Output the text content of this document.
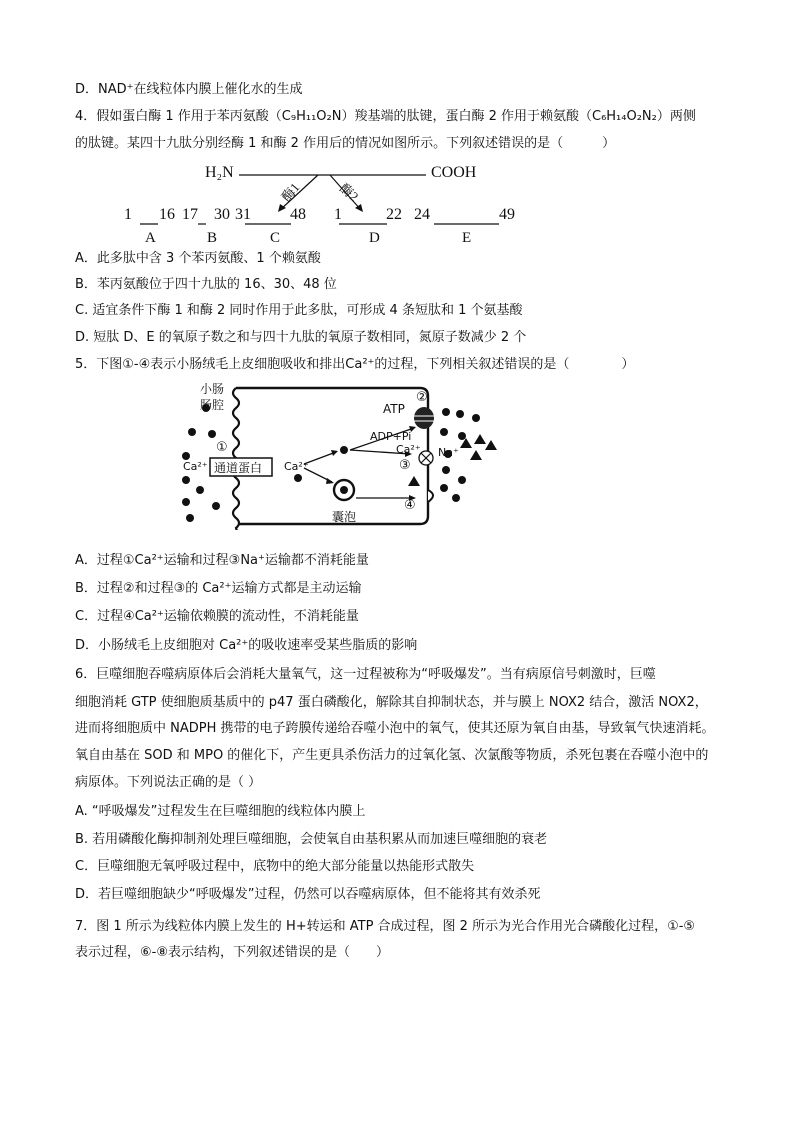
D．NAD⁺在线粒体内膜上催化水的生成
4．假如蛋白酶 1 作用于苯丙氨酸（C₉H₁₁O₂N）羧基端的肽键，蛋白酶 2 作用于赖氨酸（C₆H₁₄O₂N₂）两侧
的肽键。某四十九肽分别经酶 1 和酶 2 作用后的情况如图所示。下列叙述错误的是（　　　）
H₂N	COOH
酶1	酶2
1 16
A
17 30
B
31 48
C
1	22
D
24	49
E
A．此多肽中含 3 个苯丙氨酸、1 个赖氨酸
B．苯丙氨酸位于四十九肽的 16、30、48 位
C. 适宜条件下酶 1 和酶 2 同时作用于此多肽，可形成 4 条短肽和 1 个氨基酸
D. 短肽 D、E 的氧原子数之和与四十九肽的氧原子数相同，氮原子数减少 2 个
5．下图①-④表示小肠绒毛上皮细胞吸收和排出Ca²⁺的过程，下列相关叙述错误的是（　　　　）
小肠
肠腔
①
Ca²⁺ 通道蛋白 Ca²⁺
ATP
②
ADP+Pi
Ca²⁺
③
Na⁺
囊泡
④
A．过程①Ca²⁺运输和过程③Na⁺运输都不消耗能量
B．过程②和过程③的 Ca²⁺运输方式都是主动运输
C．过程④Ca²⁺运输依赖膜的流动性，不消耗能量
D．小肠绒毛上皮细胞对 Ca²⁺的吸收速率受某些脂质的影响
6．巨噬细胞吞噬病原体后会消耗大量氧气，这一过程被称为“呼吸爆发”。当有病原信号刺激时，巨噬
细胞消耗 GTP 使细胞质基质中的 p47 蛋白磷酸化，解除其自抑制状态，并与膜上 NOX2 结合，激活 NOX2，
进而将细胞质中 NADPH 携带的电子跨膜传递给吞噬小泡中的氧气，使其还原为氧自由基，导致氧气快速消耗。
氧自由基在 SOD 和 MPO 的催化下，产生更具杀伤活力的过氧化氢、次氯酸等物质，杀死包裹在吞噬小泡中的
病原体。下列说法正确的是（ ）
A. “呼吸爆发”过程发生在巨噬细胞的线粒体内膜上
B. 若用磷酸化酶抑制剂处理巨噬细胞，会使氧自由基积累从而加速巨噬细胞的衰老
C．巨噬细胞无氧呼吸过程中，底物中的绝大部分能量以热能形式散失
D．若巨噬细胞缺少“呼吸爆发”过程，仍然可以吞噬病原体，但不能将其有效杀死
7．图 1 所示为线粒体内膜上发生的 H+转运和 ATP 合成过程，图 2 所示为光合作用光合磷酸化过程，①-⑤
表示过程，⑥-⑧表示结构，下列叙述错误的是（　　）
